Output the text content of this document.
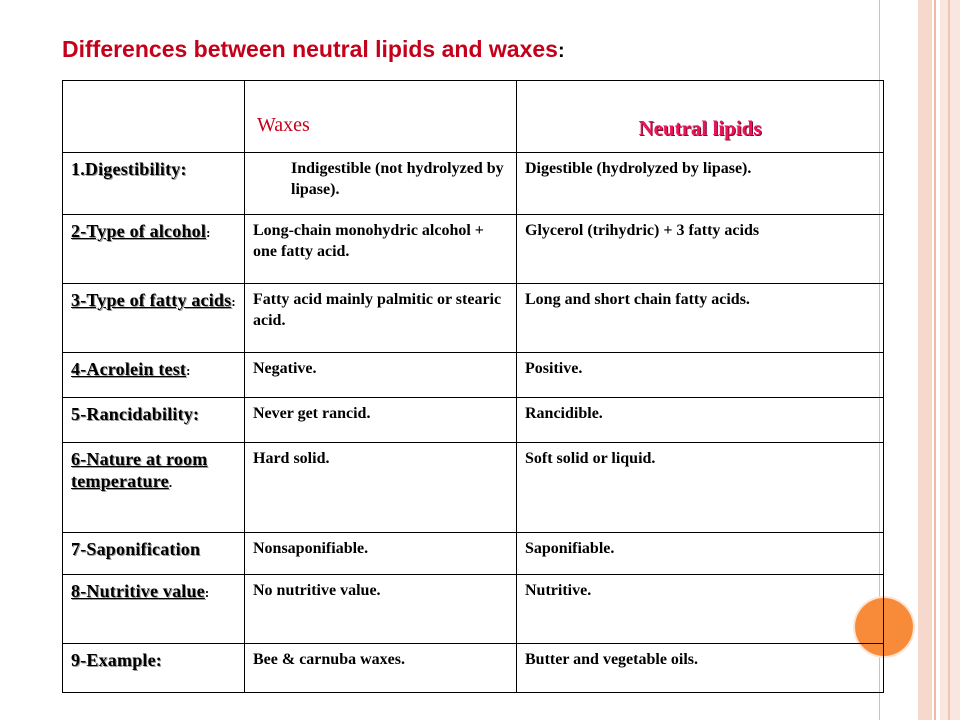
Differences between neutral lipids and waxes:
	Waxes	Neutral lipids
1.Digestibility:	Indigestible (not hydrolyzed by lipase).	Digestible (hydrolyzed by lipase).
2-Type of alcohol:	Long-chain monohydric alcohol + one fatty acid.	Glycerol (trihydric) + 3 fatty acids
3-Type of fatty acids:	Fatty acid mainly palmitic or stearic acid.	Long and short chain fatty acids.
4-Acrolein test:	Negative.	Positive.
5-Rancidability:	Never get rancid.	Rancidible.
6-Nature at room temperature.	Hard solid.	Soft solid or liquid.
7-Saponification	Nonsaponifiable.	Saponifiable.
8-Nutritive value:	No nutritive value.	Nutritive.
9-Example:	Bee & carnuba waxes.	Butter and vegetable oils.
